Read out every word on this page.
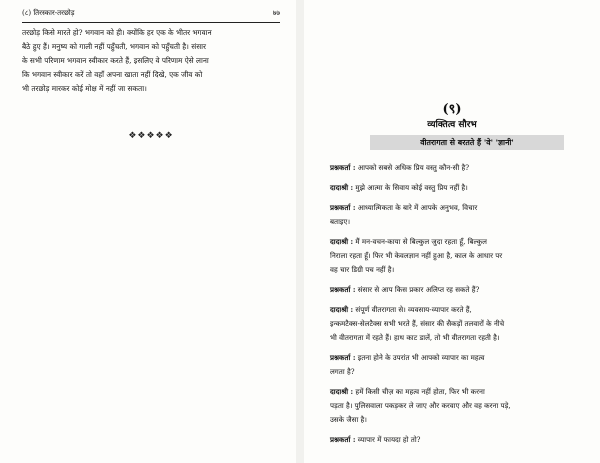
(८) तिरस्कार-तरछोड़	७७
तरछोड़ किसे मारते हो? भगवान को ही। क्योंकि हर एक के भीतर भगवान
बैठे हुए हैं। मनुष्य को गाली नहीं पहुँचती, भगवान को पहुँचती है। संसार
के सभी परिणाम भगवान स्वीकार करते हैं, इसलिए वे परिणाम ऐसे लाना
कि भगवान स्वीकार करें तो वहाँ अपना खाता नहीं दिखे, एक जीव को
भी तरछोड़ मारकर कोई मोक्ष में नहीं जा सकता।
❖❖❖❖❖
(९)
व्यक्तित्व सौरभ
वीतरागता से बरतते हैं 'वे' 'ज्ञानी'
प्रश्नकर्ता : आपको सबसे अधिक प्रिय वस्तु कौन-सी है?
दादाश्री : मुझे आत्मा के सिवाय कोई वस्तु प्रिय नहीं है।
प्रश्नकर्ता : आध्यात्मिकता के बारे में आपके अनुभव, विचार
बताइए।
दादाश्री : मैं मन-वचन-काया से बिल्कुल जुदा रहता हूँ, बिल्कुल
निराला रहता हूँ। फिर भी केवलज्ञान नहीं हुआ है, काल के आधार पर
वह चार डिग्री पच नहीं है।
प्रश्नकर्ता : संसार से आप किस प्रकार अलिप्त रह सकते हैं?
दादाश्री : संपूर्ण वीतरागता से। व्यवसाय-व्यापार करते हैं,
इन्कमटैक्स-सेलटैक्स सभी भरते हैं, संसार की सैकड़ों तलवारों के नीचे
भी वीतरागता में रहते हैं। हाथ काट डालें, तो भी वीतरागता रहती है।
प्रश्नकर्ता : इतना होने के उपरांत भी आपको व्यापार का महत्व
लगता है?
दादाश्री : हमें किसी चीज़ का महत्व नहीं होता, फिर भी करना
पड़ता है। पुलिसवाला पकड़कर ले जाए और करवाए और वह करना पड़े,
उसके जैसा है।
प्रश्नकर्ता : व्यापार में फायदा हो तो?
